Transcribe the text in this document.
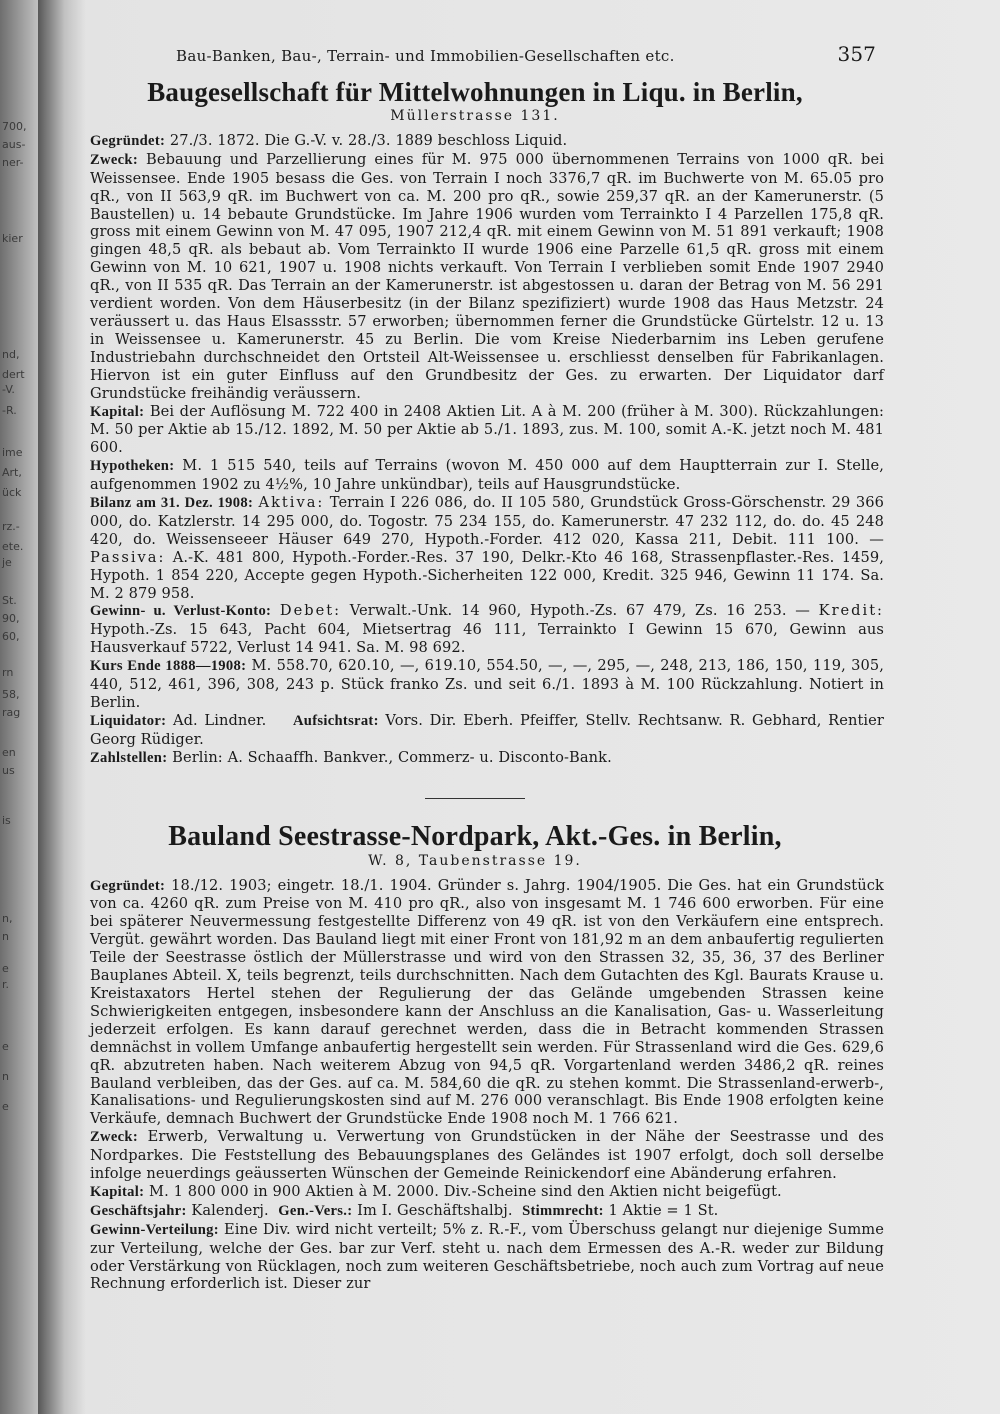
700,
aus-
ner-
kier
nd,
dert
-V.
-R.
ime
Art,
ück
rz.-
ete.
je
St.
90,
60,
rn
58,
rag
en
us
is
n,
n
e
r.
e
n
e
Bau-Banken, Bau-, Terrain- und Immobilien-Gesellschaften etc.	357
Baugesellschaft für Mittelwohnungen in Liqu. in Berlin,
Müllerstrasse 131.

Gegründet: 27./3. 1872. Die G.-V. v. 28./3. 1889 beschloss Liquid.

Zweck: Bebauung und Parzellierung eines für M. 975 000 übernommenen Terrains von 1000 qR. bei Weissensee. Ende 1905 besass die Ges. von Terrain I noch 3376,7 qR. im Buchwerte von M. 65.05 pro qR., von II 563,9 qR. im Buchwert von ca. M. 200 pro qR., sowie 259,37 qR. an der Kamerunerstr. (5 Baustellen) u. 14 bebaute Grundstücke. Im Jahre 1906 wurden vom Terrainkto I 4 Parzellen 175,8 qR. gross mit einem Gewinn von M. 47 095, 1907 212,4 qR. mit einem Gewinn von M. 51 891 verkauft; 1908 gingen 48,5 qR. als bebaut ab. Vom Terrainkto II wurde 1906 eine Parzelle 61,5 qR. gross mit einem Gewinn von M. 10 621, 1907 u. 1908 nichts verkauft. Von Terrain I verblieben somit Ende 1907 2940 qR., von II 535 qR. Das Terrain an der Kamerunerstr. ist abgestossen u. daran der Betrag von M. 56 291 verdient worden. Von dem Häuserbesitz (in der Bilanz spezifiziert) wurde 1908 das Haus Metzstr. 24 veräussert u. das Haus Elsassstr. 57 erworben; übernommen ferner die Grundstücke Gürtelstr. 12 u. 13 in Weissensee u. Kamerunerstr. 45 zu Berlin. Die vom Kreise Niederbarnim ins Leben gerufene Industriebahn durchschneidet den Ortsteil Alt-Weissensee u. erschliesst denselben für Fabrikanlagen. Hiervon ist ein guter Einfluss auf den Grundbesitz der Ges. zu erwarten. Der Liquidator darf Grundstücke freihändig veräussern.

Kapital: Bei der Auflösung M. 722 400 in 2408 Aktien Lit. A à M. 200 (früher à M. 300). Rückzahlungen: M. 50 per Aktie ab 15./12. 1892, M. 50 per Aktie ab 5./1. 1893, zus. M. 100, somit A.-K. jetzt noch M. 481 600.

Hypotheken: M. 1 515 540, teils auf Terrains (wovon M. 450 000 auf dem Hauptterrain zur I. Stelle, aufgenommen 1902 zu 4½%, 10 Jahre unkündbar), teils auf Hausgrundstücke.

Bilanz am 31. Dez. 1908: Aktiva: Terrain I 226 086, do. II 105 580, Grundstück Gross-Görschenstr. 29 366 000, do. Katzlerstr. 14 295 000, do. Togostr. 75 234 155, do. Kamerunerstr. 47 232 112, do. do. 45 248 420, do. Weissenseeer Häuser 649 270, Hypoth.-Forder. 412 020, Kassa 211, Debit. 111 100. — Passiva: A.-K. 481 800, Hypoth.-Forder.-Res. 37 190, Delkr.-Kto 46 168, Strassenpflaster.-Res. 1459, Hypoth. 1 854 220, Accepte gegen Hypoth.-Sicherheiten 122 000, Kredit. 325 946, Gewinn 11 174. Sa. M. 2 879 958.

Gewinn- u. Verlust-Konto: Debet: Verwalt.-Unk. 14 960, Hypoth.-Zs. 67 479, Zs. 16 253. — Kredit: Hypoth.-Zs. 15 643, Pacht 604, Mietsertrag 46 111, Terrainkto I Gewinn 15 670, Gewinn aus Hausverkauf 5722, Verlust 14 941. Sa. M. 98 692.

Kurs Ende 1888—1908: M. 558.70, 620.10, —, 619.10, 554.50, —, —, 295, —, 248, 213, 186, 150, 119, 305, 440, 512, 461, 396, 308, 243 p. Stück franko Zs. und seit 6./1. 1893 à M. 100 Rückzahlung. Notiert in Berlin.

Liquidator: Ad. Lindner. Aufsichtsrat: Vors. Dir. Eberh. Pfeiffer, Stellv. Rechtsanw. R. Gebhard, Rentier Georg Rüdiger.

Zahlstellen: Berlin: A. Schaaffh. Bankver., Commerz- u. Disconto-Bank.

Bauland Seestrasse-Nordpark, Akt.-Ges. in Berlin,
W. 8, Taubenstrasse 19.

Gegründet: 18./12. 1903; eingetr. 18./1. 1904. Gründer s. Jahrg. 1904/1905. Die Ges. hat ein Grundstück von ca. 4260 qR. zum Preise von M. 410 pro qR., also von insgesamt M. 1 746 600 erworben. Für eine bei späterer Neuvermessung festgestellte Differenz von 49 qR. ist von den Verkäufern eine entsprech. Vergüt. gewährt worden. Das Bauland liegt mit einer Front von 181,92 m an dem anbaufertig regulierten Teile der Seestrasse östlich der Müllerstrasse und wird von den Strassen 32, 35, 36, 37 des Berliner Bauplanes Abteil. X, teils begrenzt, teils durchschnitten. Nach dem Gutachten des Kgl. Baurats Krause u. Kreistaxators Hertel stehen der Regulierung der das Gelände umgebenden Strassen keine Schwierigkeiten entgegen, insbesondere kann der Anschluss an die Kanalisation, Gas- u. Wasserleitung jederzeit erfolgen. Es kann darauf gerechnet werden, dass die in Betracht kommenden Strassen demnächst in vollem Umfange anbaufertig hergestellt sein werden. Für Strassenland wird die Ges. 629,6 qR. abzutreten haben. Nach weiterem Abzug von 94,5 qR. Vorgartenland werden 3486,2 qR. reines Bauland verbleiben, das der Ges. auf ca. M. 584,60 die qR. zu stehen kommt. Die Strassenland-erwerb-, Kanalisations- und Regulierungskosten sind auf M. 276 000 veranschlagt. Bis Ende 1908 erfolgten keine Verkäufe, demnach Buchwert der Grundstücke Ende 1908 noch M. 1 766 621.

Zweck: Erwerb, Verwaltung u. Verwertung von Grundstücken in der Nähe der Seestrasse und des Nordparkes. Die Feststellung des Bebauungsplanes des Geländes ist 1907 erfolgt, doch soll derselbe infolge neuerdings geäusserten Wünschen der Gemeinde Reinickendorf eine Abänderung erfahren.

Kapital: M. 1 800 000 in 900 Aktien à M. 2000. Div.-Scheine sind den Aktien nicht beigefügt.

Geschäftsjahr: Kalenderj. Gen.-Vers.: Im I. Geschäftshalbj. Stimmrecht: 1 Aktie = 1 St.

Gewinn-Verteilung: Eine Div. wird nicht verteilt; 5% z. R.-F., vom Überschuss gelangt nur diejenige Summe zur Verteilung, welche der Ges. bar zur Verf. steht u. nach dem Ermessen des A.-R. weder zur Bildung oder Verstärkung von Rücklagen, noch zum weiteren Geschäftsbetriebe, noch auch zum Vortrag auf neue Rechnung erforderlich ist. Dieser zur
